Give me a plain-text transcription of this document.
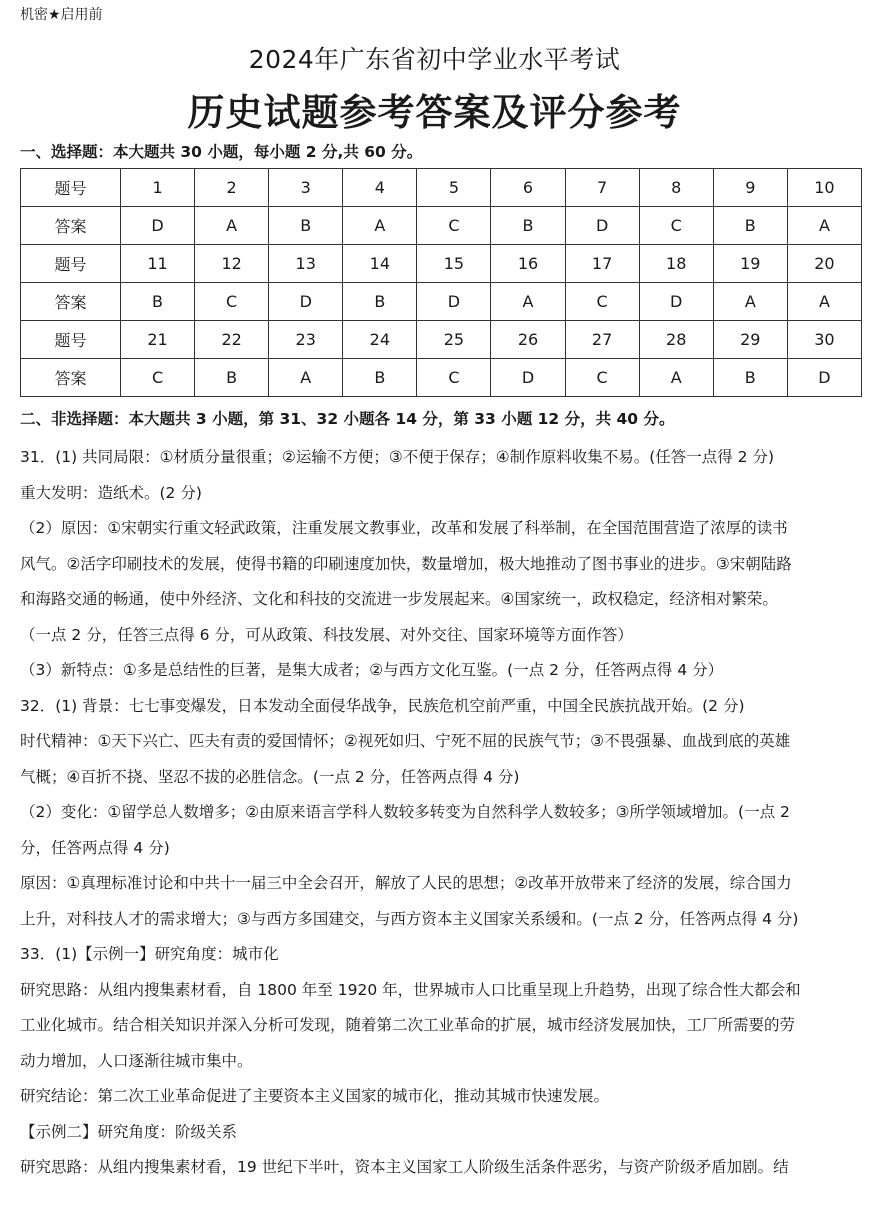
机密★启用前
2024年广东省初中学业水平考试
历史试题参考答案及评分参考
一、选择题：本大题共 30 小题，每小题 2 分,共 60 分。
题号	1	2	3	4	5	6	7	8	9	10
答案	D	A	B	A	C	B	D	C	B	A
题号	11	12	13	14	15	16	17	18	19	20
答案	B	C	D	B	D	A	C	D	A	A
题号	21	22	23	24	25	26	27	28	29	30
答案	C	B	A	B	C	D	C	A	B	D
二、非选择题：本大题共 3 小题，第 31、32 小题各 14 分，第 33 小题 12 分，共 40 分。
31．(1) 共同局限：①材质分量很重；②运输不方便；③不便于保存；④制作原料收集不易。(任答一点得 2 分)
重大发明：造纸术。(2 分)
（2）原因：①宋朝实行重文轻武政策，注重发展文教事业，改革和发展了科举制，在全国范围营造了浓厚的读书
风气。②活字印刷技术的发展，使得书籍的印刷速度加快，数量增加，极大地推动了图书事业的进步。③宋朝陆路
和海路交通的畅通，使中外经济、文化和科技的交流进一步发展起来。④国家统一，政权稳定，经济相对繁荣。
（一点 2 分，任答三点得 6 分，可从政策、科技发展、对外交往、国家环境等方面作答）
（3）新特点：①多是总结性的巨著，是集大成者；②与西方文化互鉴。(一点 2 分，任答两点得 4 分）
32．(1) 背景：七七事变爆发，日本发动全面侵华战争，民族危机空前严重，中国全民族抗战开始。(2 分)
时代精神：①天下兴亡、匹夫有责的爱国情怀；②视死如归、宁死不屈的民族气节；③不畏强暴、血战到底的英雄
气概；④百折不挠、坚忍不拔的必胜信念。(一点 2 分，任答两点得 4 分)
（2）变化：①留学总人数增多；②由原来语言学科人数较多转变为自然科学人数较多；③所学领域增加。(一点 2
分，任答两点得 4 分)
原因：①真理标准讨论和中共十一届三中全会召开，解放了人民的思想；②改革开放带来了经济的发展，综合国力
上升，对科技人才的需求增大；③与西方多国建交，与西方资本主义国家关系缓和。(一点 2 分，任答两点得 4 分)
33．(1)【示例一】研究角度：城市化
研究思路：从组内搜集素材看，自 1800 年至 1920 年，世界城市人口比重呈现上升趋势，出现了综合性大都会和
工业化城市。结合相关知识并深入分析可发现，随着第二次工业革命的扩展，城市经济发展加快，工厂所需要的劳
动力增加，人口逐渐往城市集中。
研究结论：第二次工业革命促进了主要资本主义国家的城市化，推动其城市快速发展。
【示例二】研究角度：阶级关系
研究思路：从组内搜集素材看，19 世纪下半叶，资本主义国家工人阶级生活条件恶劣，与资产阶级矛盾加剧。结
